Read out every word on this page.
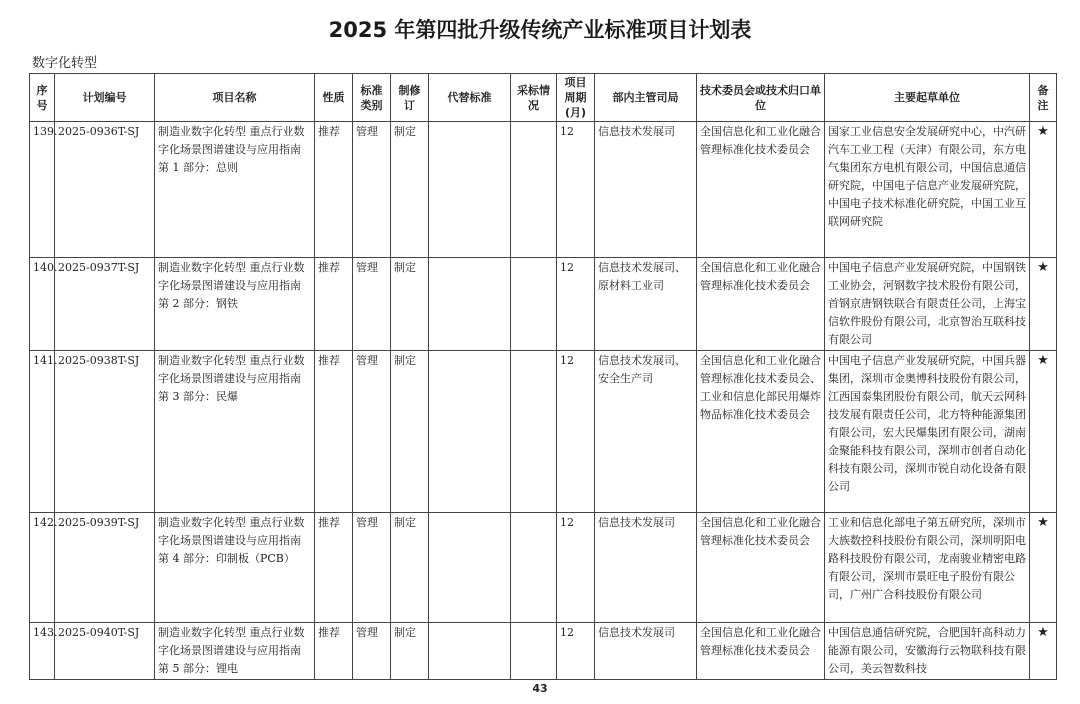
2025 年第四批升级传统产业标准项目计划表
数字化转型
序号	计划编号	项目名称	性质	标准类别	制修订	代替标准	采标情况	项目周期(月)	部内主管司局	技术委员会或技术归口单位	主要起草单位	备注
139.	2025-0936T-SJ	制造业数字化转型 重点行业数字化场景图谱建设与应用指南 第 1 部分：总则	推荐	管理	制定			12	信息技术发展司	全国信息化和工业化融合管理标准化技术委员会	国家工业信息安全发展研究中心，中汽研汽车工业工程（天津）有限公司，东方电气集团东方电机有限公司，中国信息通信研究院，中国电子信息产业发展研究院，中国电子技术标准化研究院，中国工业互联网研究院	★
140.	2025-0937T-SJ	制造业数字化转型 重点行业数字化场景图谱建设与应用指南 第 2 部分：钢铁	推荐	管理	制定			12	信息技术发展司、原材料工业司	全国信息化和工业化融合管理标准化技术委员会	中国电子信息产业发展研究院，中国钢铁工业协会，河钢数字技术股份有限公司，首钢京唐钢铁联合有限责任公司，上海宝信软件股份有限公司，北京智治互联科技有限公司	★
141.	2025-0938T-SJ	制造业数字化转型 重点行业数字化场景图谱建设与应用指南 第 3 部分：民爆	推荐	管理	制定			12	信息技术发展司、安全生产司	全国信息化和工业化融合管理标准化技术委员会、工业和信息化部民用爆炸物品标准化技术委员会	中国电子信息产业发展研究院，中国兵器集团，深圳市金奥博科技股份有限公司，江西国泰集团股份有限公司，航天云网科技发展有限责任公司，北方特种能源集团有限公司，宏大民爆集团有限公司，湖南金聚能科技有限公司，深圳市创者自动化科技有限公司，深圳市锐自动化设备有限公司	★
142.	2025-0939T-SJ	制造业数字化转型 重点行业数字化场景图谱建设与应用指南 第 4 部分：印制板（PCB）	推荐	管理	制定			12	信息技术发展司	全国信息化和工业化融合管理标准化技术委员会	工业和信息化部电子第五研究所，深圳市大族数控科技股份有限公司，深圳明阳电路科技股份有限公司，龙南骏业精密电路有限公司，深圳市景旺电子股份有限公司，广州广合科技股份有限公司	★
143.	2025-0940T-SJ	制造业数字化转型 重点行业数字化场景图谱建设与应用指南 第 5 部分：锂电	推荐	管理	制定			12	信息技术发展司	全国信息化和工业化融合管理标准化技术委员会	中国信息通信研究院，合肥国轩高科动力能源有限公司，安徽海行云物联科技有限公司，美云智数科技	★
43
